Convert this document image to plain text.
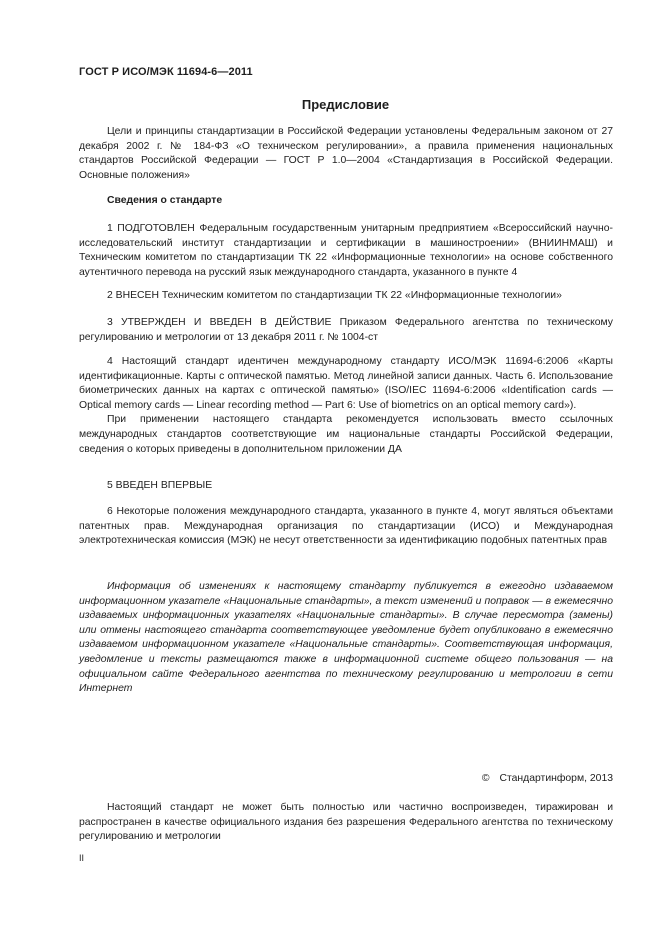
ГОСТ Р ИСО/МЭК 11694-6—2011
Предисловие

Цели и принципы стандартизации в Российской Федерации установлены Федеральным законом от 27 декабря 2002 г. № 184-ФЗ «О техническом регулировании», а правила применения национальных стандартов Российской Федерации — ГОСТ Р 1.0—2004 «Стандартизация в Российской Федерации. Основные положения»

Сведения о стандарте

1 ПОДГОТОВЛЕН Федеральным государственным унитарным предприятием «Всероссийский научно-исследовательский институт стандартизации и сертификации в машиностроении» (ВНИИНМАШ) и Техническим комитетом по стандартизации ТК 22 «Информационные технологии» на основе собственного аутентичного перевода на русский язык международного стандарта, указанного в пункте 4

2 ВНЕСЕН Техническим комитетом по стандартизации ТК 22 «Информационные технологии»

3 УТВЕРЖДЕН И ВВЕДЕН В ДЕЙСТВИЕ Приказом Федерального агентства по техническому регулированию и метрологии от 13 декабря 2011 г. № 1004-ст

4 Настоящий стандарт идентичен международному стандарту ИСО/МЭК 11694-6:2006 «Карты идентификационные. Карты с оптической памятью. Метод линейной записи данных. Часть 6. Использование биометрических данных на картах с оптической памятью» (ISO/IEC 11694-6:2006 «Identification cards — Optical memory cards — Linear recording method — Part 6: Use of biometrics on an optical memory card»).

При применении настоящего стандарта рекомендуется использовать вместо ссылочных международных стандартов соответствующие им национальные стандарты Российской Федерации, сведения о которых приведены в дополнительном приложении ДА

5 ВВЕДЕН ВПЕРВЫЕ

6 Некоторые положения международного стандарта, указанного в пункте 4, могут являться объектами патентных прав. Международная организация по стандартизации (ИСО) и Международная электротехническая комиссия (МЭК) не несут ответственности за идентификацию подобных патентных прав

Информация об изменениях к настоящему стандарту публикуется в ежегодно издаваемом информационном указателе «Национальные стандарты», а текст изменений и поправок — в ежемесячно издаваемых информационных указателях «Национальные стандарты». В случае пересмотра (замены) или отмены настоящего стандарта соответствующее уведомление будет опубликовано в ежемесячно издаваемом информационном указателе «Национальные стандарты». Соответствующая информация, уведомление и тексты размещаются также в информационной системе общего пользования — на официальном сайте Федерального агентства по техническому регулированию и метрологии в сети Интернет

© Стандартинформ, 2013

Настоящий стандарт не может быть полностью или частично воспроизведен, тиражирован и распространен в качестве официального издания без разрешения Федерального агентства по техническому регулированию и метрологии

II
